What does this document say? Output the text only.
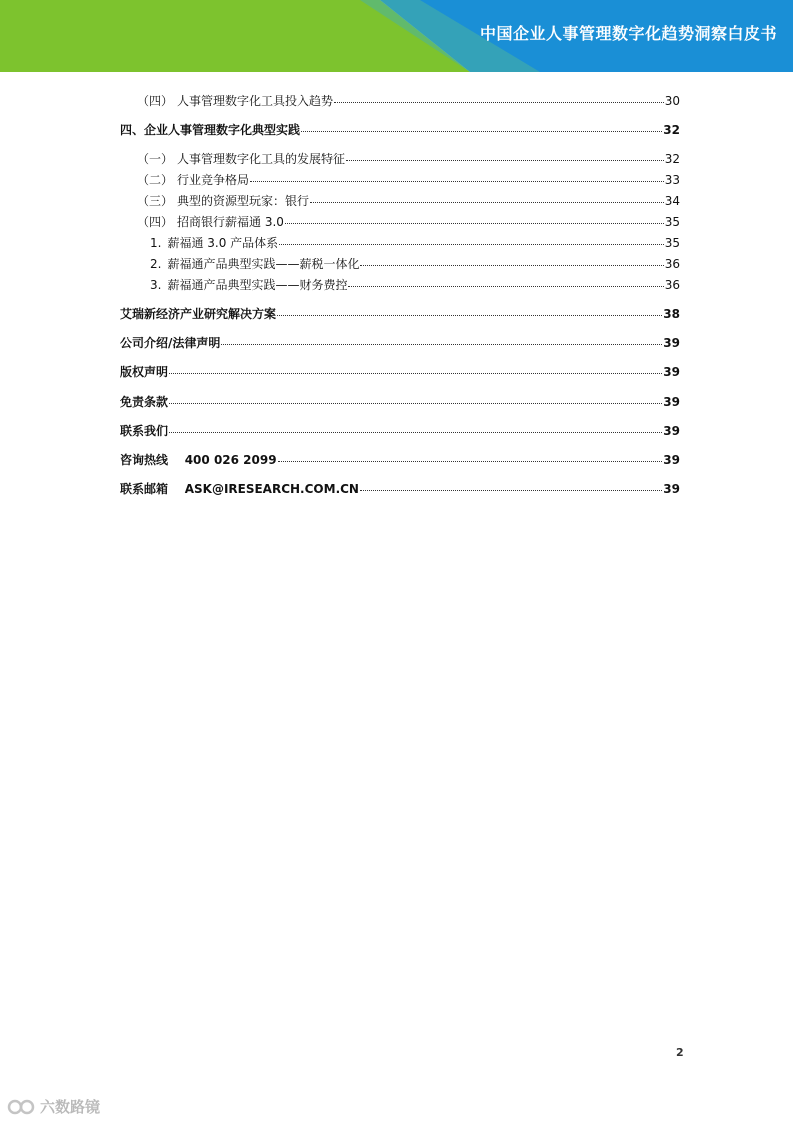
中国企业人事管理数字化趋势洞察白皮书
（四） 人事管理数字化工具投入趋势	30
四、企业人事管理数字化典型实践	32
（一） 人事管理数字化工具的发展特征	32
（二） 行业竞争格局	33
（三） 典型的资源型玩家：银行	34
（四） 招商银行薪福通 3.0	35
1. 薪福通 3.0 产品体系	35
2. 薪福通产品典型实践——薪税一体化	36
3. 薪福通产品典型实践——财务费控	36
艾瑞新经济产业研究解决方案	38
公司介绍/法律声明	39
版权声明	39
免责条款	39
联系我们	39
咨询热线    400 026 2099	39
联系邮箱    ASK@IRESEARCH.COM.CN	39
2
六数路镜
